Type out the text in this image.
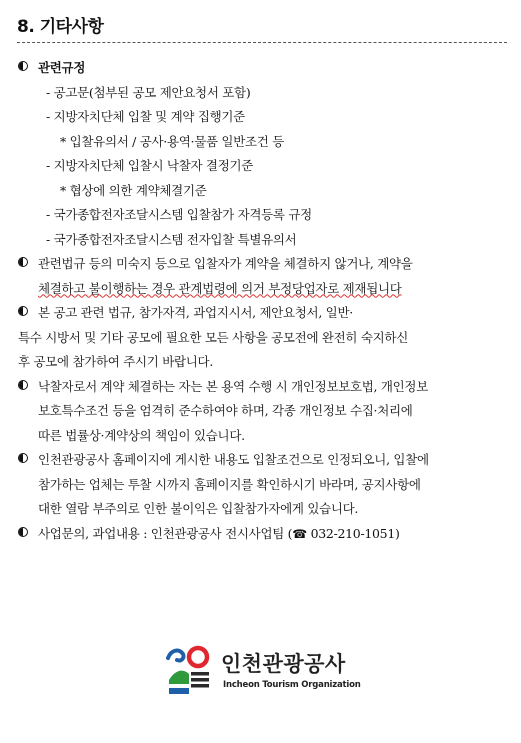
8. 기타사항
관련규정
- 공고문(첨부된 공모 제안요청서 포함)
- 지방자치단체 입찰 및 계약 집행기준
* 입찰유의서 / 공사·용역·물품 일반조건 등
- 지방자치단체 입찰시 낙찰자 결정기준
* 협상에 의한 계약체결기준
- 국가종합전자조달시스템 입찰참가 자격등록 규정
- 국가종합전자조달시스템 전자입찰 특별유의서
관련법규 등의 미숙지 등으로 입찰자가 계약을 체결하지 않거나, 계약을
체결하고 불이행하는 경우 관계법령에 의거 부정당업자로 제재됩니다
본 공고 관련 법규, 참가자격, 과업지시서, 제안요청서, 일반·
특수 시방서 및 기타 공모에 필요한 모든 사항을 공모전에 완전히 숙지하신
후 공모에 참가하여 주시기 바랍니다.
낙찰자로서 계약 체결하는 자는 본 용역 수행 시 개인정보보호법, 개인정보
보호특수조건 등을 엄격히 준수하여야 하며, 각종 개인정보 수집·처리에
따른 법률상·계약상의 책임이 있습니다.
인천관광공사 홈페이지에 게시한 내용도 입찰조건으로 인정되오니, 입찰에
참가하는 업체는 투찰 시까지 홈페이지를 확인하시기 바라며, 공지사항에
대한 열람 부주의로 인한 불이익은 입찰참가자에게 있습니다.
사업문의, 과업내용 : 인천관광공사 전시사업팀 (☎ 032-210-1051)
인천관광공사
Incheon Tourism Organization
